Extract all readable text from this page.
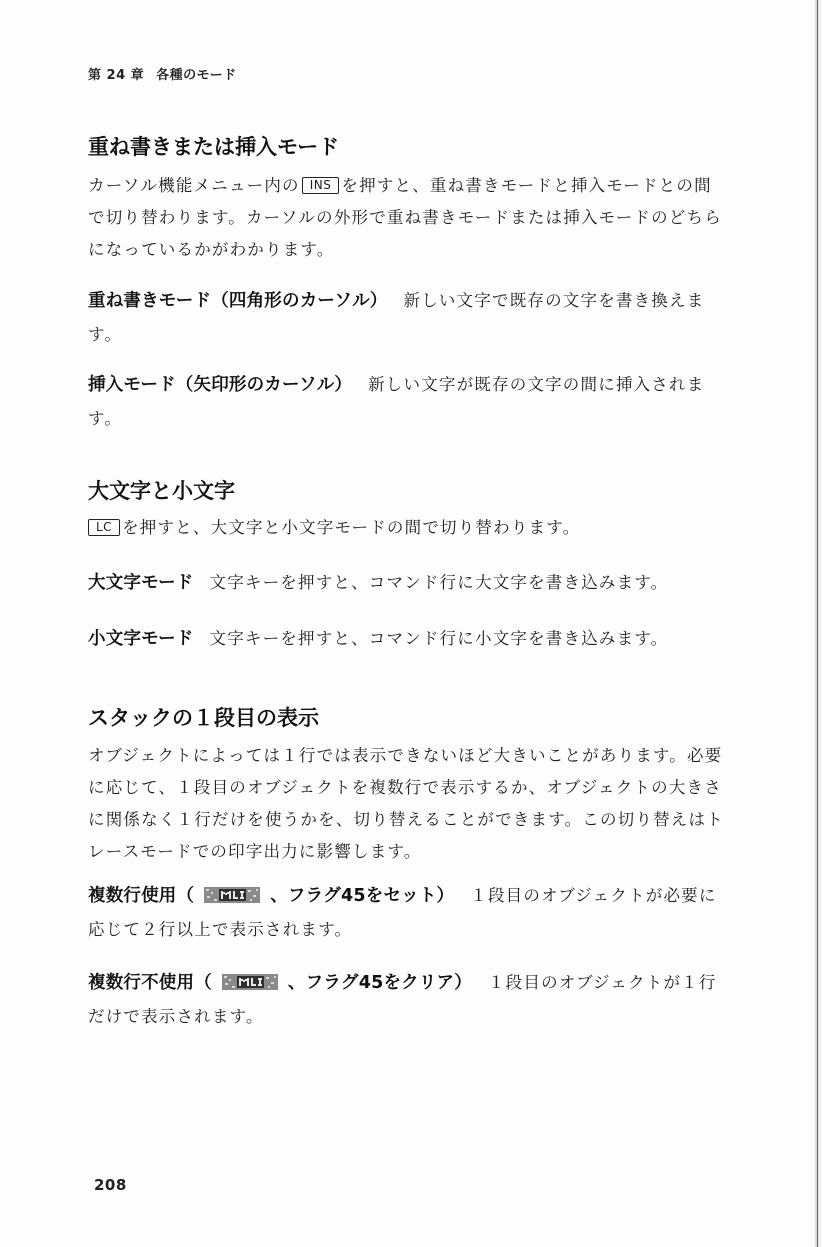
第 24 章 各種のモード
重ね書きまたは挿入モード

カーソル機能メニュー内の INS を押すと、重ね書きモードと挿入モードとの間で切り替わります。カーソルの外形で重ね書きモードまたは挿入モードのどちらになっているかがわかります。

重ね書きモード（四角形のカーソル） 新しい文字で既存の文字を書き換えます。

挿入モード（矢印形のカーソル） 新しい文字が既存の文字の間に挿入されます。

大文字と小文字

LC を押すと、大文字と小文字モードの間で切り替わります。

大文字モード 文字キーを押すと、コマンド行に大文字を書き込みます。

小文字モード 文字キーを押すと、コマンド行に小文字を書き込みます。

スタックの１段目の表示

オブジェクトによっては１行では表示できないほど大きいことがあります。必要に応じて、１段目のオブジェクトを複数行で表示するか、オブジェクトの大きさに関係なく１行だけを使うかを、切り替えることができます。この切り替えはトレースモードでの印字出力に影響します。

複数行使用（	、フラグ45をセット） １段目のオブジェクトが必要に応じて２行以上で表示されます。

複数行不使用（	、フラグ45をクリア） １段目のオブジェクトが１行だけで表示されます。

208
